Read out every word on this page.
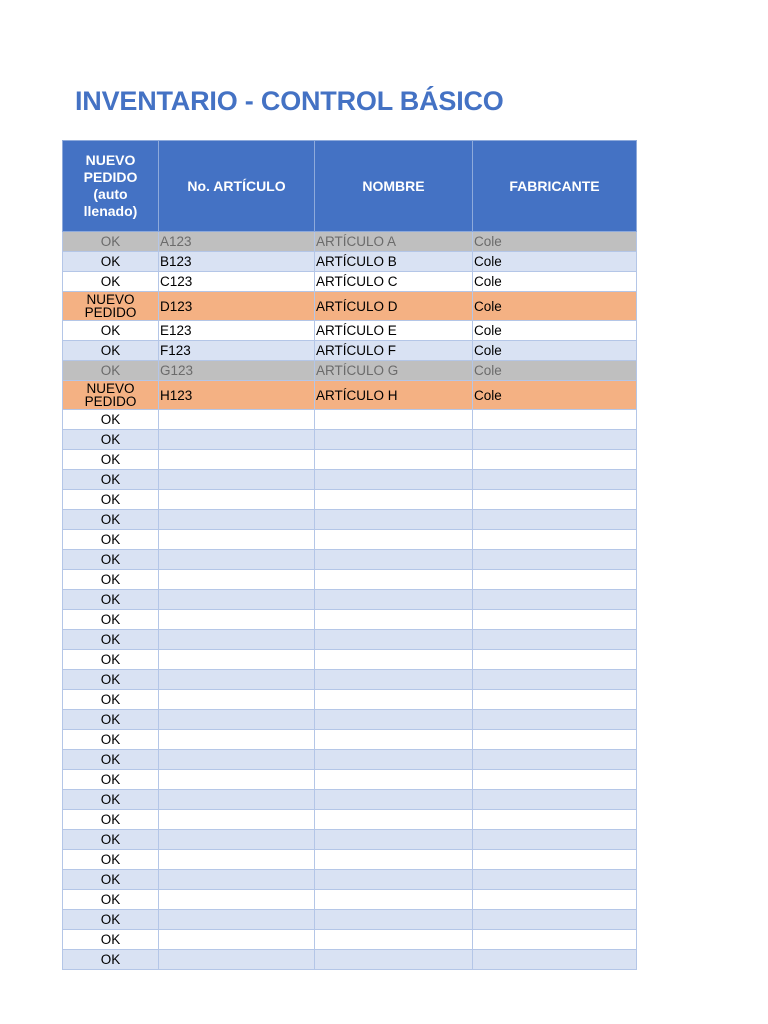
INVENTARIO - CONTROL BÁSICO
NUEVO PEDIDO (auto llenado)	No. ARTÍCULO	NOMBRE	FABRICANTE
OK	A123	ARTÍCULO A	Cole
OK	B123	ARTÍCULO B	Cole
OK	C123	ARTÍCULO C	Cole
NUEVO PEDIDO	D123	ARTÍCULO D	Cole
OK	E123	ARTÍCULO E	Cole
OK	F123	ARTÍCULO F	Cole
OK	G123	ARTÍCULO G	Cole
NUEVO PEDIDO	H123	ARTÍCULO H	Cole
OK			
OK			
OK			
OK			
OK			
OK			
OK			
OK			
OK			
OK			
OK			
OK			
OK			
OK			
OK			
OK			
OK			
OK			
OK			
OK			
OK			
OK			
OK			
OK			
OK			
OK			
OK			
OK			
